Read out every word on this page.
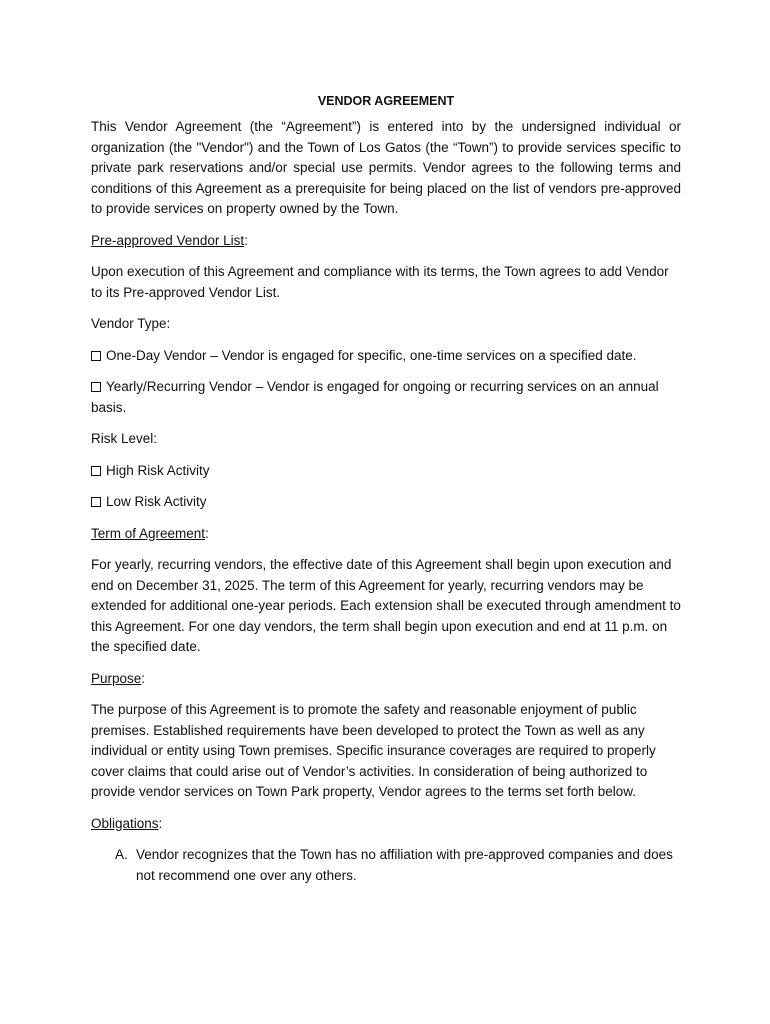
VENDOR AGREEMENT

This Vendor Agreement (the “Agreement”) is entered into by the undersigned individual or organization (the "Vendor") and the Town of Los Gatos (the “Town”) to provide services specific to private park reservations and/or special use permits. Vendor agrees to the following terms and conditions of this Agreement as a prerequisite for being placed on the list of vendors pre-approved to provide services on property owned by the Town.

Pre-approved Vendor List:

Upon execution of this Agreement and compliance with its terms, the Town agrees to add Vendor to its Pre-approved Vendor List.

Vendor Type:

One-Day Vendor – Vendor is engaged for specific, one-time services on a specified date.

Yearly/Recurring Vendor – Vendor is engaged for ongoing or recurring services on an annual basis.

Risk Level:

High Risk Activity

Low Risk Activity

Term of Agreement:

For yearly, recurring vendors, the effective date of this Agreement shall begin upon execution and end on December 31, 2025. The term of this Agreement for yearly, recurring vendors may be extended for additional one-year periods. Each extension shall be executed through amendment to this Agreement. For one day vendors, the term shall begin upon execution and end at 11 p.m. on the specified date.

Purpose:

The purpose of this Agreement is to promote the safety and reasonable enjoyment of public premises. Established requirements have been developed to protect the Town as well as any individual or entity using Town premises. Specific insurance coverages are required to properly cover claims that could arise out of Vendor’s activities. In consideration of being authorized to provide vendor services on Town Park property, Vendor agrees to the terms set forth below.

Obligations:

A. Vendor recognizes that the Town has no affiliation with pre-approved companies and does not recommend one over any others.
